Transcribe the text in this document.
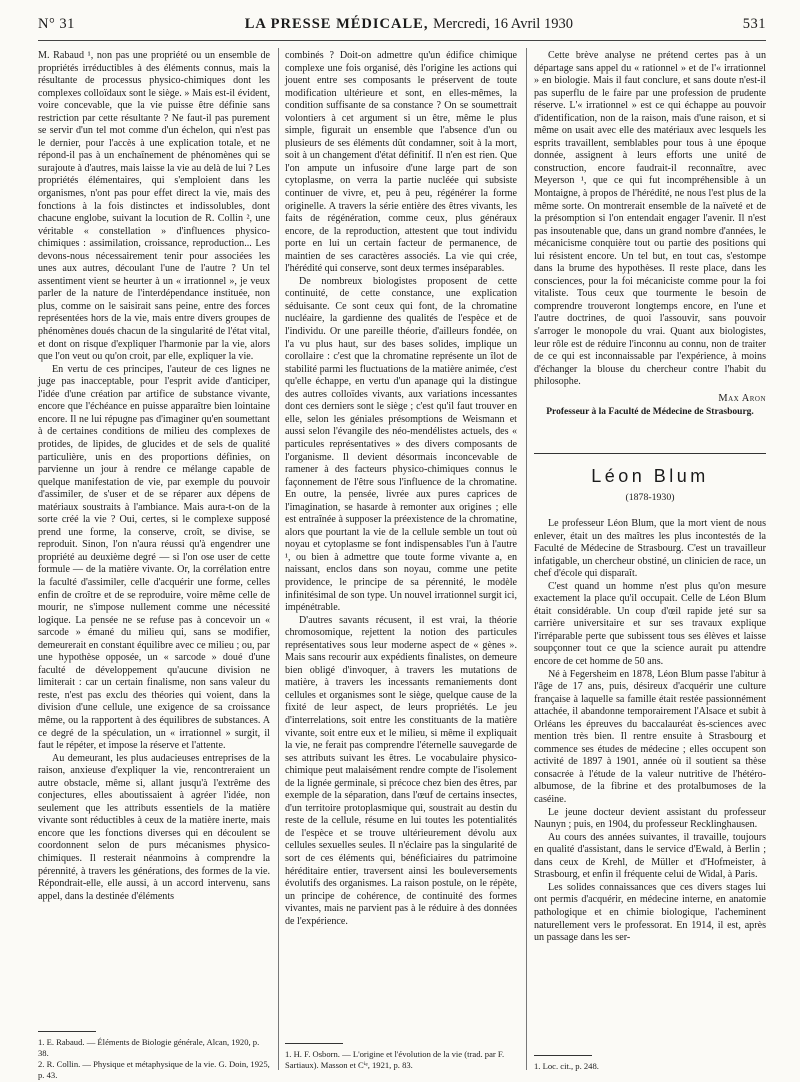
N° 31	LA PRESSE MÉDICALE, Mercredi, 16 Avril 1930	531

M. Rabaud ¹, non pas une propriété ou un ensemble de propriétés irréductibles à des éléments connus, mais la résultante de processus physico-chimiques dont les complexes colloïdaux sont le siège. » Mais est-il évident, voire concevable, que la vie puisse être définie sans restriction par cette résultante ? Ne faut-il pas purement se servir d'un tel mot comme d'un échelon, qui n'est pas le dernier, pour l'accès à une explication totale, et ne répond-il pas à un enchaînement de phénomènes qui se surajoute à d'autres, mais laisse la vie au delà de lui ? Les propriétés élémentaires, qui s'emploient dans les organismes, n'ont pas pour effet direct la vie, mais des fonctions à la fois distinctes et indissolubles, dont chacune englobe, suivant la locution de R. Collin ², une véritable « constellation » d'influences physico-chimiques : assimilation, croissance, reproduction... Les devons-nous nécessairement tenir pour associées les unes aux autres, découlant l'une de l'autre ? Un tel assentiment vient se heurter à un « irrationnel », je veux parler de la nature de l'interdépendance instituée, non plus, comme on le saisirait sans peine, entre des forces représentées hors de la vie, mais entre divers groupes de phénomènes doués chacun de la singularité de l'état vital, et dont on risque d'expliquer l'harmonie par la vie, alors que l'on veut ou qu'on croit, par elle, expliquer la vie.

En vertu de ces principes, l'auteur de ces lignes ne juge pas inacceptable, pour l'esprit avide d'anticiper, l'idée d'une création par artifice de substance vivante, encore que l'échéance en puisse apparaître bien lointaine encore. Il ne lui répugne pas d'imaginer qu'en soumettant à de certaines conditions de milieu des complexes de protides, de lipides, de glucides et de sels de qualité particulière, unis en des proportions définies, on parvienne un jour à rendre ce mélange capable de quelque manifestation de vie, par exemple du pouvoir d'assimiler, de s'user et de se réparer aux dépens de matériaux soustraits à l'ambiance. Mais aura-t-on de la sorte créé la vie ? Oui, certes, si le complexe supposé prend une forme, la conserve, croît, se divise, se reproduit. Sinon, l'on n'aura réussi qu'à engendrer une propriété au deuxième degré — si l'on ose user de cette formule — de la matière vivante. Or, la corrélation entre la faculté d'assimiler, celle d'acquérir une forme, celles enfin de croître et de se reproduire, voire même celle de mourir, ne s'impose nullement comme une nécessité logique. La pensée ne se refuse pas à concevoir un « sarcode » émané du milieu qui, sans se modifier, demeurerait en constant équilibre avec ce milieu ; ou, par une hypothèse opposée, un « sarcode » doué d'une faculté de développement qu'aucune division ne limiterait : car un certain finalisme, non sans valeur du reste, n'est pas exclu des théories qui voient, dans la division d'une cellule, une exigence de sa croissance même, ou la rapportent à des équilibres de substances. A ce degré de la spéculation, un « irrationnel » surgit, il faut le répéter, et impose la réserve et l'attente.

Au demeurant, les plus audacieuses entreprises de la raison, anxieuse d'expliquer la vie, rencontreraient un autre obstacle, même si, allant jusqu'à l'extrême des conjectures, elles aboutissaient à agréer l'idée, non seulement que les attributs essentiels de la matière vivante sont réductibles à ceux de la matière inerte, mais encore que les fonctions diverses qui en découlent se coordonnent selon de purs mécanismes physico-chimiques. Il resterait néanmoins à comprendre la pérennité, à travers les générations, des formes de la vie. Répondrait-elle, elle aussi, à un accord intervenu, sans appel, dans la destinée d'éléments

1. E. Rabaud. — Éléments de Biologie générale, Alcan, 1920, p. 38.

2. R. Collin. — Physique et métaphysique de la vie. G. Doin, 1925, p. 43.

combinés ? Doit-on admettre qu'un édifice chimique complexe une fois organisé, dès l'origine les actions qui jouent entre ses composants le préservent de toute modification ultérieure et sont, en elles-mêmes, la condition suffisante de sa constance ? On se soumettrait volontiers à cet argument si un être, même le plus simple, figurait un ensemble que l'absence d'un ou plusieurs de ses éléments dût condamner, soit à la mort, soit à un changement d'état définitif. Il n'en est rien. Que l'on ampute un infusoire d'une large part de son cytoplasme, on verra la partie nucléée qui subsiste continuer de vivre, et, peu à peu, régénérer la forme originelle. A travers la série entière des êtres vivants, les faits de régénération, comme ceux, plus généraux encore, de la reproduction, attestent que tout individu porte en lui un certain facteur de permanence, de maintien de ses caractères associés. La vie qui crée, l'hérédité qui conserve, sont deux termes inséparables.

De nombreux biologistes proposent de cette continuité, de cette constance, une explication séduisante. Ce sont ceux qui font, de la chromatine nucléaire, la gardienne des qualités de l'espèce et de l'individu. Or une pareille théorie, d'ailleurs fondée, on l'a vu plus haut, sur des bases solides, implique un corollaire : c'est que la chromatine représente un îlot de stabilité parmi les fluctuations de la matière animée, c'est qu'elle échappe, en vertu d'un apanage qui la distingue des autres colloïdes vivants, aux variations incessantes dont ces derniers sont le siège ; c'est qu'il faut trouver en elle, selon les géniales présomptions de Weismann et aussi selon l'évangile des néo-mendélistes actuels, des « particules représentatives » des divers composants de l'organisme. Il devient désormais inconcevable de ramener à des facteurs physico-chimiques connus le façonnement de l'être sous l'influence de la chromatine. En outre, la pensée, livrée aux pures caprices de l'imagination, se hasarde à remonter aux origines ; elle est entraînée à supposer la préexistence de la chromatine, alors que pourtant la vie de la cellule semble un tout où noyau et cytoplasme se font indispensables l'un à l'autre ¹, ou bien à admettre que toute forme vivante a, en naissant, enclos dans son noyau, comme une petite providence, le principe de sa pérennité, le modèle infinitésimal de son type. Un nouvel irrationnel surgit ici, impénétrable.

D'autres savants récusent, il est vrai, la théorie chromosomique, rejettent la notion des particules représentatives sous leur moderne aspect de « gènes ». Mais sans recourir aux expédients finalistes, on demeure bien obligé d'invoquer, à travers les mutations de matière, à travers les incessants remaniements dont cellules et organismes sont le siège, quelque cause de la fixité de leur aspect, de leurs propriétés. Le jeu d'interrelations, soit entre les constituants de la matière vivante, soit entre eux et le milieu, si même il expliquait la vie, ne ferait pas comprendre l'éternelle sauvegarde de ses attributs suivant les êtres. Le vocabulaire physico-chimique peut malaisément rendre compte de l'isolement de la lignée germinale, si précoce chez bien des êtres, par exemple de la séparation, dans l'œuf de certains insectes, d'un territoire protoplasmique qui, soustrait au destin du reste de la cellule, résume en lui toutes les potentialités de l'espèce et se trouve ultérieurement dévolu aux cellules sexuelles seules. Il n'éclaire pas la singularité de sort de ces éléments qui, bénéficiaires du patrimoine héréditaire entier, traversent ainsi les bouleversements évolutifs des organismes. La raison postule, on le répète, un principe de cohérence, de continuité des formes vivantes, mais ne parvient pas à le réduire à des données de l'expérience.

1. H. F. Osborn. — L'origine et l'évolution de la vie (trad. par F. Sartiaux). Masson et Cⁱᵉ, 1921, p. 83.

Cette brève analyse ne prétend certes pas à un départage sans appel du « rationnel » et de l'« irrationnel » en biologie. Mais il faut conclure, et sans doute n'est-il pas superflu de le faire par une profession de prudente réserve. L'« irrationnel » est ce qui échappe au pouvoir d'identification, non de la raison, mais d'une raison, et si même on usait avec elle des matériaux avec lesquels les esprits travaillent, semblables pour tous à une époque donnée, assignent à leurs efforts une unité de construction, encore faudrait-il reconnaître, avec Meyerson ¹, que ce qui fut incompréhensible à un Montaigne, à propos de l'hérédité, ne nous l'est plus de la même sorte. On montrerait ensemble de la naïveté et de la présomption si l'on entendait engager l'avenir. Il n'est pas insoutenable que, dans un grand nombre d'années, le mécanicisme conquière tout ou partie des positions qui lui résistent encore. Un tel but, en tout cas, s'estompe dans la brume des hypothèses. Il reste place, dans les consciences, pour la foi mécaniciste comme pour la foi vitaliste. Tous ceux que tourmente le besoin de comprendre trouveront longtemps encore, en l'une et l'autre doctrines, de quoi l'assouvir, sans pouvoir s'arroger le monopole du vrai. Quant aux biologistes, leur rôle est de réduire l'inconnu au connu, non de traiter de ce qui est inconnaissable par l'expérience, à moins d'échanger la blouse du chercheur contre l'habit du philosophe.

Max Aron
Professeur à la Faculté de Médecine de Strasbourg.
Léon Blum
(1878-1930)

Le professeur Léon Blum, que la mort vient de nous enlever, était un des maîtres les plus incontestés de la Faculté de Médecine de Strasbourg. C'est un travailleur infatigable, un chercheur obstiné, un clinicien de race, un chef d'école qui disparaît.

C'est quand un homme n'est plus qu'on mesure exactement la place qu'il occupait. Celle de Léon Blum était considérable. Un coup d'œil rapide jeté sur sa carrière universitaire et sur ses travaux explique l'irréparable perte que subissent tous ses élèves et laisse soupçonner tout ce que la science aurait pu attendre encore de cet homme de 50 ans.

Né à Fegersheim en 1878, Léon Blum passe l'abitur à l'âge de 17 ans, puis, désireux d'acquérir une culture française à laquelle sa famille était restée passionnément attachée, il abandonne temporairement l'Alsace et subit à Orléans les épreuves du baccalauréat ès-sciences avec mention très bien. Il rentre ensuite à Strasbourg et commence ses études de médecine ; elles occupent son activité de 1897 à 1901, année où il soutient sa thèse consacrée à l'étude de la valeur nutritive de l'hétéro-albumose, de la fibrine et des protalbumoses de la caséine.

Le jeune docteur devient assistant du professeur Naunyn ; puis, en 1904, du professeur Recklinghausen.

Au cours des années suivantes, il travaille, toujours en qualité d'assistant, dans le service d'Ewald, à Berlin ; dans ceux de Krehl, de Müller et d'Hofmeister, à Strasbourg, et enfin il fréquente celui de Widal, à Paris.

Les solides connaissances que ces divers stages lui ont permis d'acquérir, en médecine interne, en anatomie pathologique et en chimie biologique, l'acheminent naturellement vers le professorat. En 1914, il est, après un passage dans les ser-

1. Loc. cit., p. 248.
